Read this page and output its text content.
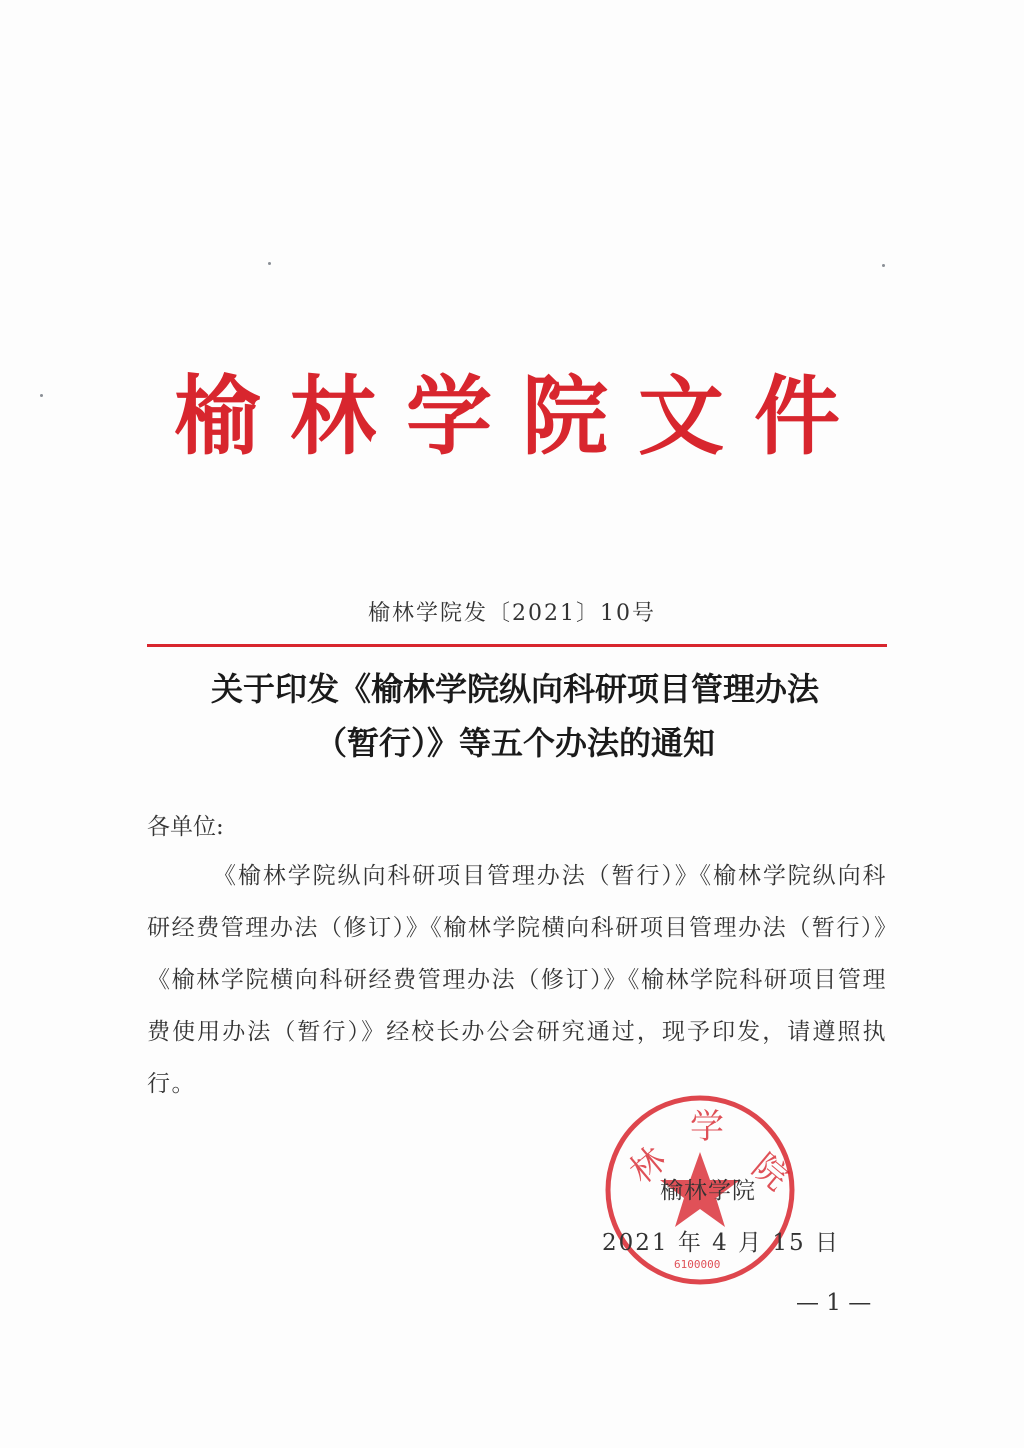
榆林学院文件
榆林学院发〔2021〕10号
关于印发《榆林学院纵向科研项目管理办法
（暂行）》等五个办法的通知
各单位:
《榆林学院纵向科研项目管理办法（暂行）》《榆林学院纵向科研经费管理办法（修订）》《榆林学院横向科研项目管理办法（暂行）》《榆林学院横向科研经费管理办法（修订）》《榆林学院科研项目管理费使用办法（暂行）》经校长办公会研究通过，现予印发，请遵照执行。
林
学
院
6100000
榆林学院
2021 年 4 月 15 日
— 1 —
